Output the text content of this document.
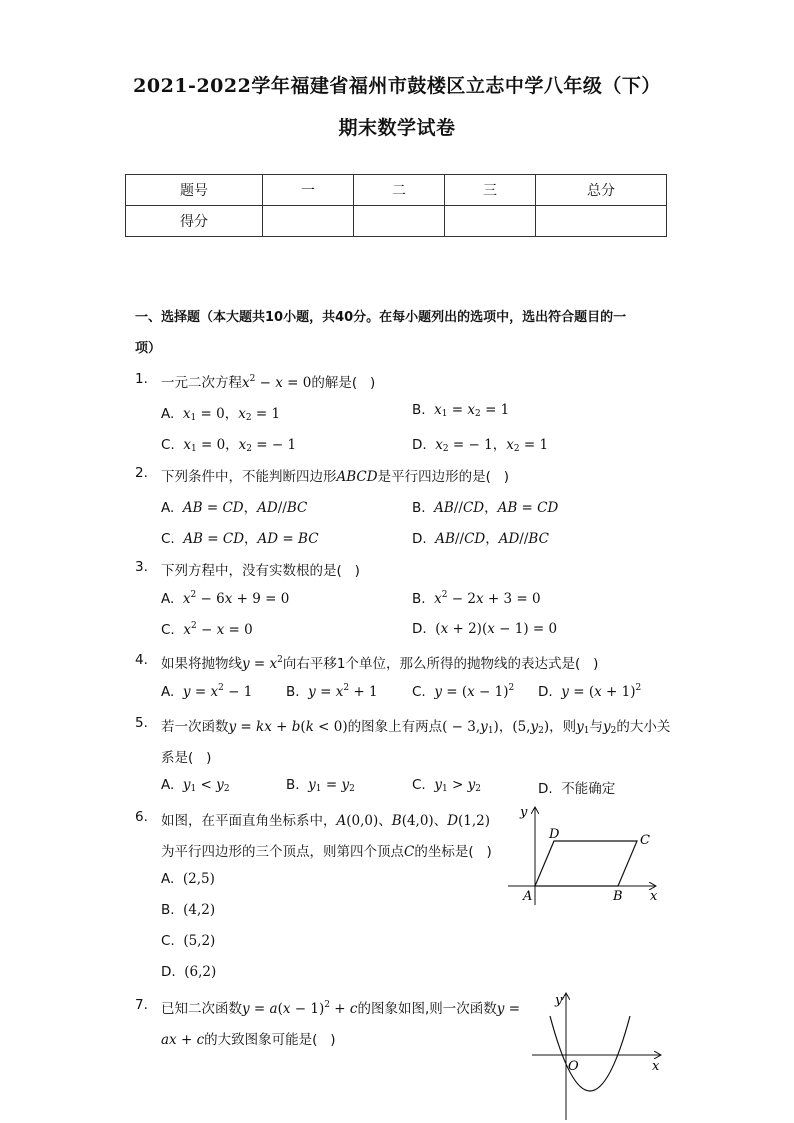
2021-2022学年福建省福州市鼓楼区立志中学八年级（下）
期末数学试卷
题号	一	二	三	总分
得分				
一、选择题（本大题共10小题，共40分。在每小题列出的选项中，选出符合题目的一
项）
1. 一元二次方程$x^2 - x = 0$的解是(   )
A. $x_1 = 0$，$x_2 = 1$	B. $x_1 = x_2 = 1$
C. $x_1 = 0$，$x_2$ = − 1	D. $x_2$ = − 1，$x_2 = 1$
2. 下列条件中，不能判断四边形ABCD是平行四边形的是(   )
A. AB = CD，AD//BC	B. AB//CD，AB = CD
C. AB = CD，AD = BC	D. AB//CD，AD//BC
3. 下列方程中，没有实数根的是(   )
A. $x^2 - 6x + 9 = 0$	B. $x^2 - 2x + 3 = 0$
C. $x^2 - x = 0$	D. (x + 2)(x − 1) = 0
4. 如果将抛物线$y = x^2$向右平移1个单位，那么所得的抛物线的表达式是(   )
A. $y = x^2 - 1$ B. $y = x^2 + 1$	C. $y = (x - 1)^2$ D. $y = (x + 1)^2$
5. 若一次函数y = kx + b(k < 0)的图象上有两点( − $3,y_1$)，$(5,y_2)$，则$y_1$与$y_2$的大小关
系是(   )
A. $y_1 < y_2$	B. $y_1 = y_2$	C. $y_1 > y_2$	D. 不能确定
6. 如图，在平面直角坐标系中，A(0,0)、B(4,0)、D(1,2)
为平行四边形的三个顶点，则第四个顶点C的坐标是(   )
A. (2,5)
B. (4,2)
C. (5,2)
D. (6,2)
y
x
A	B
C
D
7. 已知二次函数$y = a(x - 1)^2 + c$的图象如图,则一次函数y =
ax + c的大致图象可能是(   )
y
x
O
